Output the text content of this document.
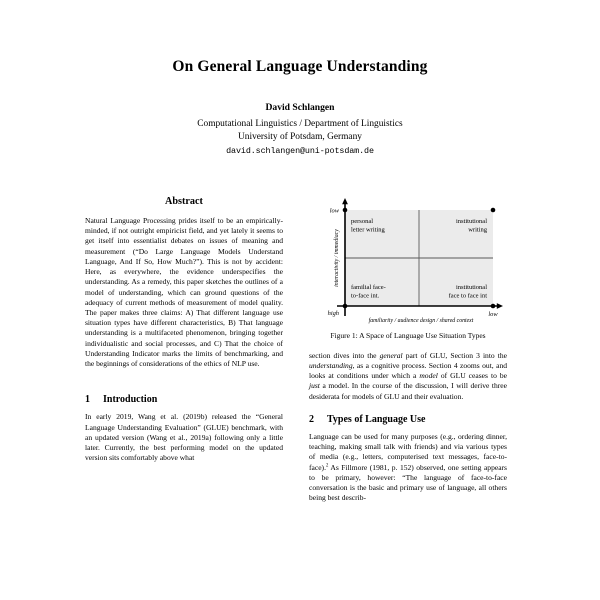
On General Language Understanding
David Schlangen
Computational Linguistics / Department of Linguistics
University of Potsdam, Germany
david.schlangen@uni-potsdam.de
Abstract

Natural Language Processing prides itself to be an empirically-minded, if not outright empiricist field, and yet lately it seems to get itself into essentialist debates on issues of meaning and measurement (“Do Large Language Models Understand Language, And If So, How Much?”). This is not by accident: Here, as everywhere, the evidence underspecifies the understanding. As a remedy, this paper sketches the outlines of a model of understanding, which can ground questions of the adequacy of current methods of measurement of model quality. The paper makes three claims: A) That different language use situation types have different characteristics, B) That language understanding is a multifaceted phenomenon, bringing together individualistic and social processes, and C) That the choice of Understanding Indicator marks the limits of benchmarking, and the beginnings of considerations of the ethics of NLP use.

1	Introduction

In early 2019, Wang et al. (2019b) released the “General Language Understanding Evaluation” (GLUE) benchmark, with an updated version (Wang et al., 2019a) following only a little later. Currently, the best performing model on the updated version sits comfortably above what

low
high
interactivity / immediacy
low
familiarity / audience design / shared context
personal
letter writing
institutional
writing
familial face-
to-face int.
institutional
face to face int
Figure 1: A Space of Language Use Situation Types

section dives into the general part of GLU, Section 3 into the understanding, as a cognitive process. Section 4 zooms out, and looks at conditions under which a model of GLU ceases to be just a model. In the course of the discussion, I will derive three desiderata for models of GLU and their evaluation.

2	Types of Language Use

Language can be used for many purposes (e.g., ordering dinner, teaching, making small talk with friends) and via various types of media (e.g., letters, computerised text messages, face-to-face).$^2$ As Fillmore (1981, p. 152) observed, one setting appears to be primary, however: “The language of face-to-face conversation is the basic and primary use of language, all others being best describ-
